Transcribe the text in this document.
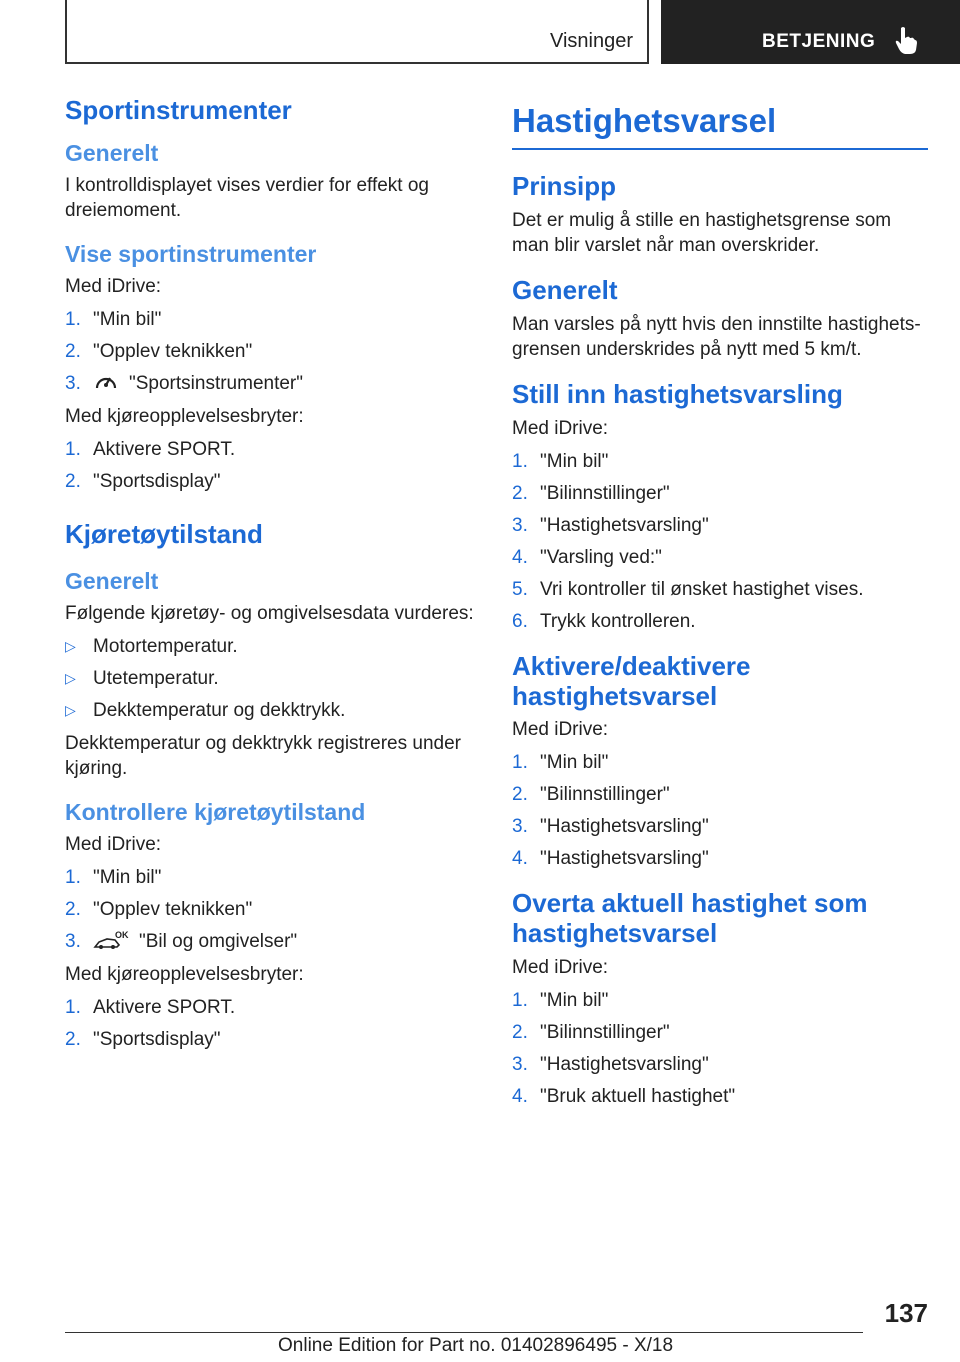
Visninger	BETJENING
Sportinstrumenter
Generelt

I kontrolldisplayet vises verdier for effekt og dreiemoment.

Vise sportinstrumenter

Med iDrive:

1. "Min bil"
2. "Opplev teknikken"
3.	"Sportsinstrumenter"

Med kjøreopplevelsesbryter:

1. Aktivere SPORT.
2. "Sportsdisplay"
Kjøretøytilstand
Generelt

Følgende kjøretøy- og omgivelsesdata vurderes:

▷ Motortemperatur.
▷ Utetemperatur.
▷ Dekktemperatur og dekktrykk.

Dekktemperatur og dekktrykk registreres under kjøring.

Kontrollere kjøretøytilstand

Med iDrive:

1. "Min bil"
2. "Opplev teknikken"
3.	OK "Bil og omgivelser"

Med kjøreopplevelsesbryter:

1. Aktivere SPORT.
2. "Sportsdisplay"
Hastighetsvarsel
Prinsipp

Det er mulig å stille en hastighetsgrense som man blir varslet når man overskrider.

Generelt

Man varsles på nytt hvis den innstilte hastighetsgrensen underskrides på nytt med 5 km/t.

Still inn hastighetsvarsling

Med iDrive:

1. "Min bil"
2. "Bilinnstillinger"
3. "Hastighetsvarsling"
4. "Varsling ved:"
5. Vri kontroller til ønsket hastighet vises.
6. Trykk kontrolleren.
Aktivere/deaktivere hastighetsvarsel

Med iDrive:

1. "Min bil"
2. "Bilinnstillinger"
3. "Hastighetsvarsling"
4. "Hastighetsvarsling"
Overta aktuell hastighet som hastighetsvarsel

Med iDrive:

1. "Min bil"
2. "Bilinnstillinger"
3. "Hastighetsvarsling"
4. "Bruk aktuell hastighet"
137
Online Edition for Part no. 01402896495 - X/18
